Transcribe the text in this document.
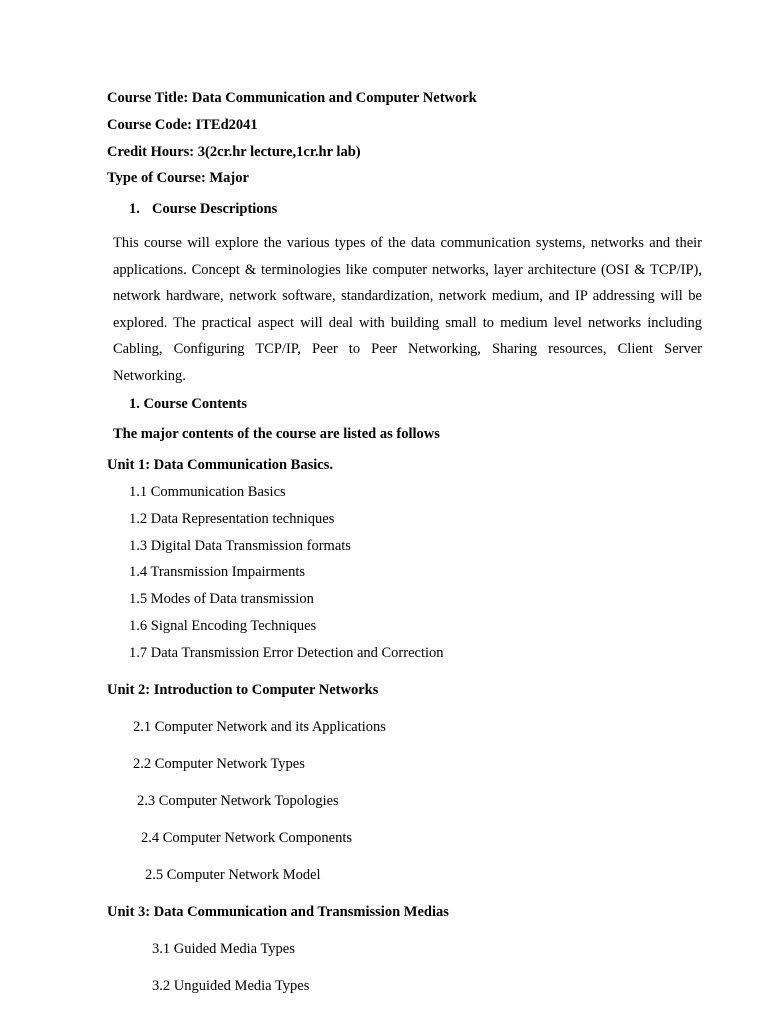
Course Title: Data Communication and Computer Network
Course Code: ITEd2041
Credit Hours: 3(2cr.hr lecture,1cr.hr lab)
Type of Course: Major
1. Course Descriptions
This course will explore the various types of the data communication systems, networks and their applications. Concept & terminologies like computer networks, layer architecture (OSI & TCP/IP), network hardware, network software, standardization, network medium, and IP addressing will be explored. The practical aspect will deal with building small to medium level networks including Cabling, Configuring TCP/IP, Peer to Peer Networking, Sharing resources, Client Server Networking.
1. Course Contents
The major contents of the course are listed as follows
Unit 1: Data Communication Basics.
1.1 Communication Basics
1.2 Data Representation techniques
1.3 Digital Data Transmission formats
1.4 Transmission Impairments
1.5 Modes of Data transmission
1.6 Signal Encoding Techniques
1.7 Data Transmission Error Detection and Correction
Unit 2: Introduction to Computer Networks
2.1 Computer Network and its Applications
2.2 Computer Network Types
2.3 Computer Network Topologies
2.4 Computer Network Components
2.5 Computer Network Model
Unit 3: Data Communication and Transmission Medias
3.1 Guided Media Types
3.2 Unguided Media Types
